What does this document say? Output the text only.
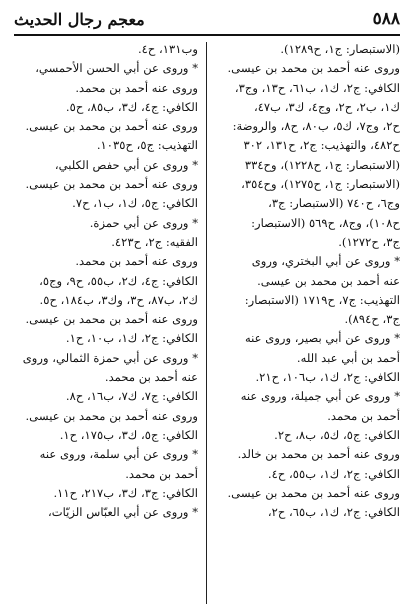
٥٨٨
معجم رجال الحديث
(الاستبصار: ج١، ح١٢٨٩).
وروى عنه أحمد بن محمد بن عيسى.
الكافي: ج٢، ك١، ب٦١، ح١٣، وج٣،
ك١، ب٢، ح٢، وج٤، ك٣، ب٤٧،
ح٢، وج٧، ك٥، ب٨٠، ح٨، والروضة:
ح٤٨٢، والتهذيب: ج٢، ح١٣١، ٣٠٢
(الاستبصار: ج١، ح١٢٢٨)، وح٣٣٤
(الاستبصار: ج١، ح١٢٧٥)، وح٣٥٤،
وج٦، ح٧٤٠ (الاستبصار: ج٣،
ح١٠٨)، وج٨، ح٥٦٩ (الاستبصار:
ج٣، ح١٢٧٢).
* وروى عن أبي البختري، وروى
عنه أحمد بن محمد بن عيسى.
التهذيب: ج٧، ح١٧١٩ (الاستبصار:
ج٣، ح٨٩٤).
* وروى عن أبي بصير، وروى عنه
أحمد بن أبي عبد الله.
الكافي: ج٢، ك١، ب١٠٦، ح٢١.
* وروى عن أبي جميلة، وروى عنه
أحمد بن محمد.
الكافي: ج٥، ك٥، ب٨، ح٢.
وروى عنه أحمد بن محمد بن خالد.
الكافي: ج٢، ك١، ب٥٥، ح٤.
وروى عنه أحمد بن محمد بن عيسى.
الكافي: ج٢، ك١، ب٦٥، ح٢،
وب١٣١، ح٤.
* وروى عن أبي الحسن الأحمسي،
وروى عنه أحمد بن محمد.
الكافي: ج٤، ك٣، ب٨٥، ح٥.
وروى عنه أحمد بن محمد بن عيسى.
التهذيب: ج٥، ح١٠٣٥.
* وروى عن أبي حفص الكلبي،
وروى عنه أحمد بن محمد بن عيسى.
الكافي: ج٥، ك١، ب١، ح٧.
* وروى عن أبي حمزة.
الفقيه: ج٢، ح٤٢٣.
وروى عنه أحمد بن محمد.
الكافي: ج٤، ك٢، ب٥٥، ح٩، وج٥،
ك٢، ب٨٧، ح٣، وك٣، ب١٨٤، ح٥.
وروى عنه أحمد بن محمد بن عيسى.
الكافي: ج٢، ك١، ب١٠، ح١.
* وروى عن أبي حمزة الثمالي، وروى
عنه أحمد بن محمد.
الكافي: ج٧، ك٧، ب١٦، ح٨.
وروى عنه أحمد بن محمد بن عيسى.
الكافي: ج٥، ك٣، ب١٧٥، ح١.
* وروى عن أبي سلمة، وروى عنه
أحمد بن محمد.
الكافي: ج٣، ك٣، ب٢١٧، ح١١.
* وروى عن أبي العبّاس الزيّات،
